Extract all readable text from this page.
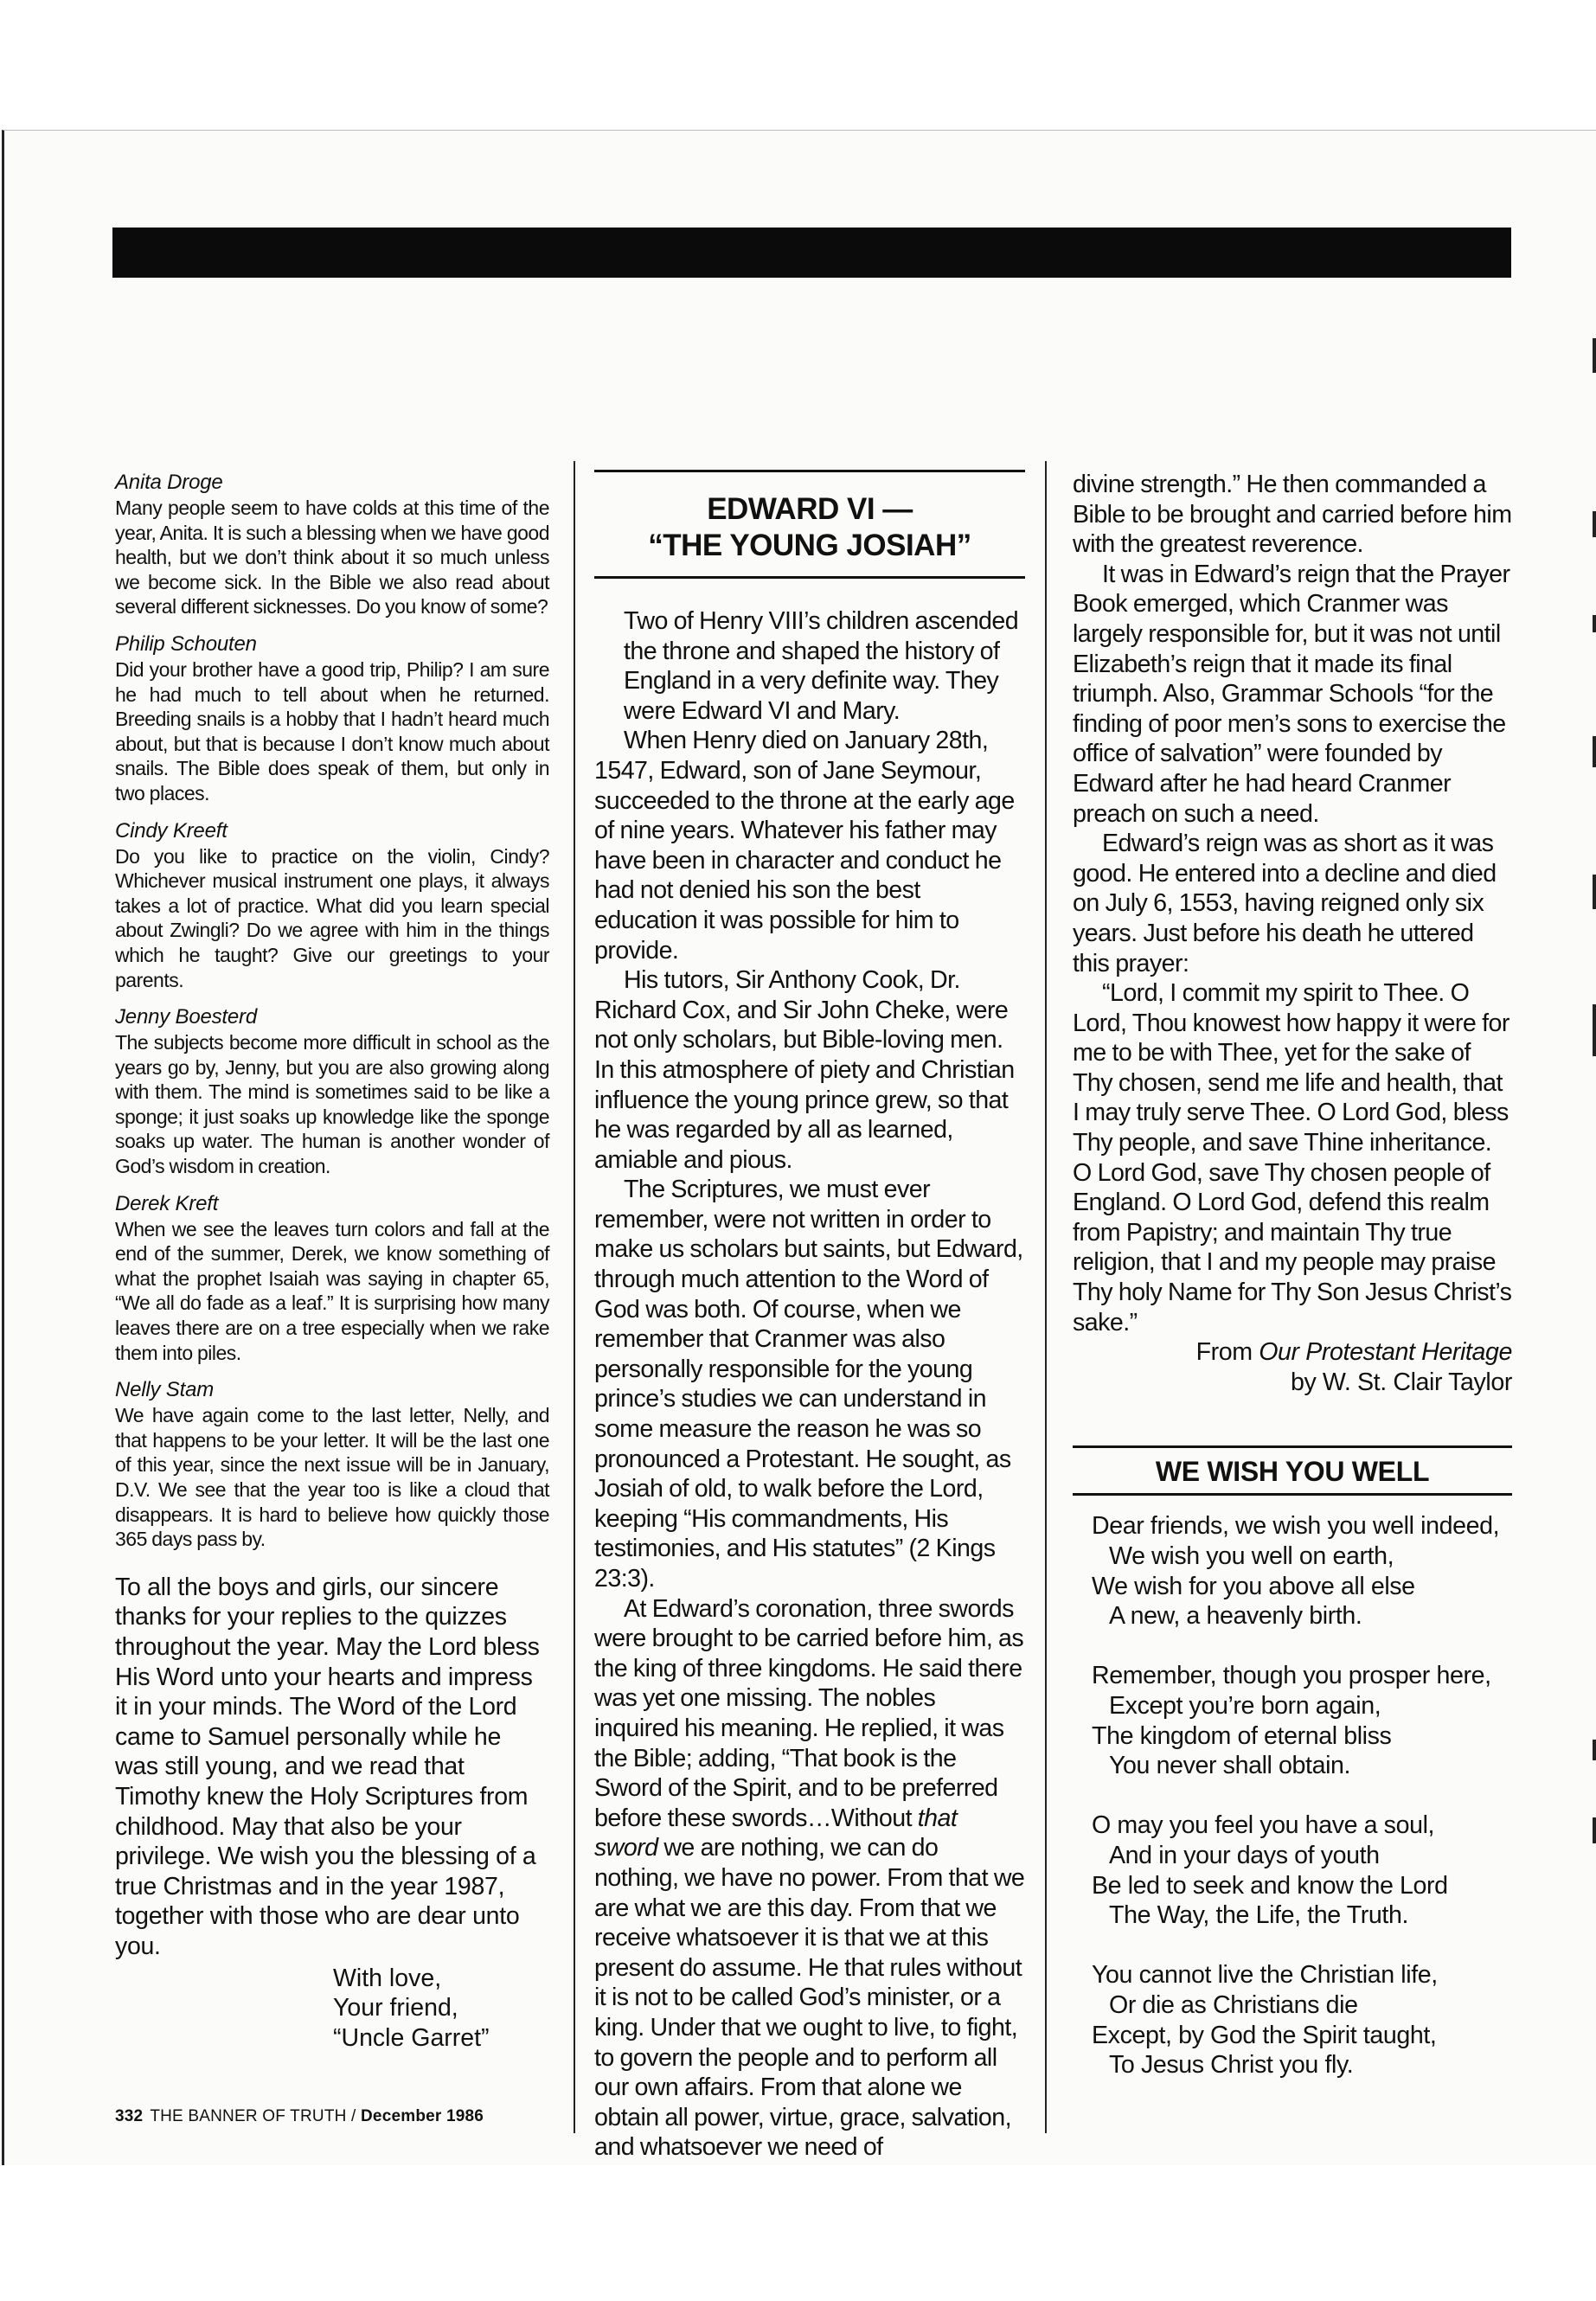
Anita Droge
Many people seem to have colds at this time of the year, Anita. It is such a blessing when we have good health, but we don’t think about it so much unless we become sick. In the Bible we also read about several different sicknesses. Do you know of some?
Philip Schouten
Did your brother have a good trip, Philip? I am sure he had much to tell about when he returned. Breeding snails is a hobby that I hadn’t heard much about, but that is because I don’t know much about snails. The Bible does speak of them, but only in two places.
Cindy Kreeft
Do you like to practice on the violin, Cindy? Whichever musical instrument one plays, it always takes a lot of practice. What did you learn special about Zwingli? Do we agree with him in the things which he taught? Give our greetings to your parents.
Jenny Boesterd
The subjects become more difficult in school as the years go by, Jenny, but you are also growing along with them. The mind is sometimes said to be like a sponge; it just soaks up knowledge like the sponge soaks up water. The human is another wonder of God’s wisdom in creation.
Derek Kreft
When we see the leaves turn colors and fall at the end of the summer, Derek, we know something of what the prophet Isaiah was saying in chapter 65, “We all do fade as a leaf.” It is surprising how many leaves there are on a tree especially when we rake them into piles.
Nelly Stam
We have again come to the last letter, Nelly, and that happens to be your letter. It will be the last one of this year, since the next issue will be in January, D.V. We see that the year too is like a cloud that disappears. It is hard to believe how quickly those 365 days pass by.
To all the boys and girls, our sincere thanks for your replies to the quizzes throughout the year. May the Lord bless His Word unto your hearts and impress it in your minds. The Word of the Lord came to Samuel personally while he was still young, and we read that Timothy knew the Holy Scriptures from childhood. May that also be your privilege. We wish you the blessing of a true Christmas and in the year 1987, together with those who are dear unto you.
With love,
Your friend,
“Uncle Garret”
332 THE BANNER OF TRUTH / December 1986
EDWARD VI —
“THE YOUNG JOSIAH”

Two of Henry VIII’s children ascended the throne and shaped the history of England in a very definite way. They were Edward VI and Mary.

When Henry died on January 28th, 1547, Edward, son of Jane Seymour, succeeded to the throne at the early age of nine years. Whatever his father may have been in character and conduct he had not denied his son the best education it was possible for him to provide.

His tutors, Sir Anthony Cook, Dr. Richard Cox, and Sir John Cheke, were not only scholars, but Bible-loving men. In this atmosphere of piety and Christian influence the young prince grew, so that he was regarded by all as learned, amiable and pious.

The Scriptures, we must ever remember, were not written in order to make us scholars but saints, but Edward, through much attention to the Word of God was both. Of course, when we remember that Cranmer was also personally responsible for the young prince’s studies we can understand in some measure the reason he was so pronounced a Protestant. He sought, as Josiah of old, to walk before the Lord, keeping “His commandments, His testimonies, and His statutes” (2 Kings 23:3).

At Edward’s coronation, three swords were brought to be carried before him, as the king of three kingdoms. He said there was yet one missing. The nobles inquired his meaning. He replied, it was the Bible; adding, “That book is the Sword of the Spirit, and to be preferred before these swords…Without that sword we are nothing, we can do nothing, we have no power. From that we are what we are this day. From that we receive whatsoever it is that we at this present do assume. He that rules without it is not to be called God’s minister, or a king. Under that we ought to live, to fight, to govern the people and to perform all our own affairs. From that alone we obtain all power, virtue, grace, salvation, and whatsoever we need of

divine strength.” He then commanded a Bible to be brought and carried before him with the greatest reverence.

It was in Edward’s reign that the Prayer Book emerged, which Cranmer was largely responsible for, but it was not until Elizabeth’s reign that it made its final triumph. Also, Grammar Schools “for the finding of poor men’s sons to exercise the office of salvation” were founded by Edward after he had heard Cranmer preach on such a need.

Edward’s reign was as short as it was good. He entered into a decline and died on July 6, 1553, having reigned only six years. Just before his death he uttered this prayer:

“Lord, I commit my spirit to Thee. O Lord, Thou knowest how happy it were for me to be with Thee, yet for the sake of Thy chosen, send me life and health, that I may truly serve Thee. O Lord God, bless Thy people, and save Thine inheritance. O Lord God, save Thy chosen people of England. O Lord God, defend this realm from Papistry; and maintain Thy true religion, that I and my people may praise Thy holy Name for Thy Son Jesus Christ’s sake.”

From Our Protestant Heritage
by W. St. Clair Taylor
WE WISH YOU WELL
Dear friends, we wish you well indeed,
We wish you well on earth,
We wish for you above all else
A new, a heavenly birth.
Remember, though you prosper here,
Except you’re born again,
The kingdom of eternal bliss
You never shall obtain.
O may you feel you have a soul,
And in your days of youth
Be led to seek and know the Lord
The Way, the Life, the Truth.
You cannot live the Christian life,
Or die as Christians die
Except, by God the Spirit taught,
To Jesus Christ you fly.
